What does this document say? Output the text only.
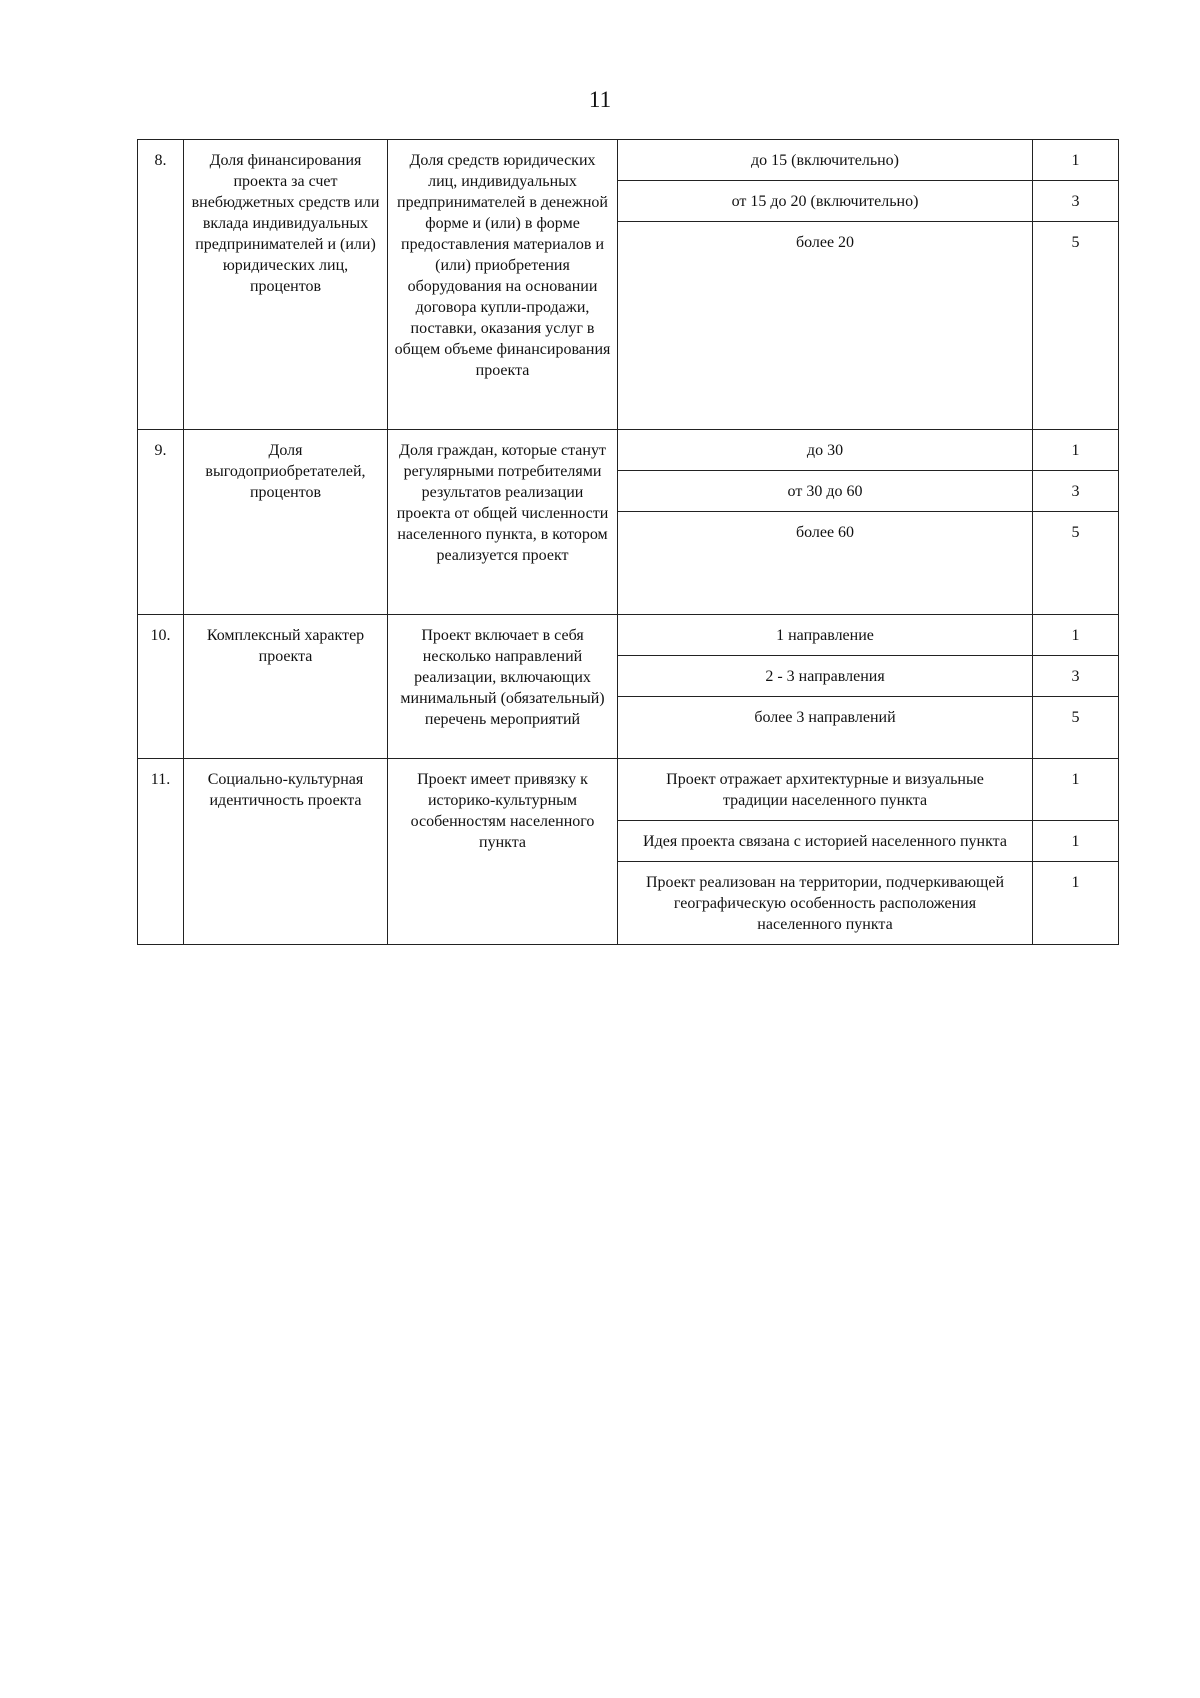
11
8.	Доля финансирования проекта за счет внебюджетных средств или вклада индивидуальных предпринимателей и (или) юридических лиц, процентов	Доля средств юридических лиц, индивидуальных предпринимателей в денежной форме и (или) в форме предоставления материалов и (или) приобретения оборудования на основании договора купли-продажи, поставки, оказания услуг в общем объеме финансирования проекта	до 15 (включительно)	1
			от 15 до 20 (включительно)	3
			более 20	5
9.	Доля выгодоприобретателей, процентов	Доля граждан, которые станут регулярными потребителями результатов реализации проекта от общей численности населенного пункта, в котором реализуется проект	до 30	1
			от 30 до 60	3
			более 60	5
10.	Комплексный характер проекта	Проект включает в себя несколько направлений реализации, включающих минимальный (обязательный) перечень мероприятий	1 направление	1
			2 - 3 направления	3
			более 3 направлений	5
11.	Социально-культурная идентичность проекта	Проект имеет привязку к историко-культурным особенностям населенного пункта	Проект отражает архитектурные и визуальные традиции населенного пункта	1
			Идея проекта связана с историей населенного пункта	1
			Проект реализован на территории, подчеркивающей географическую особенность расположения населенного пункта	1
